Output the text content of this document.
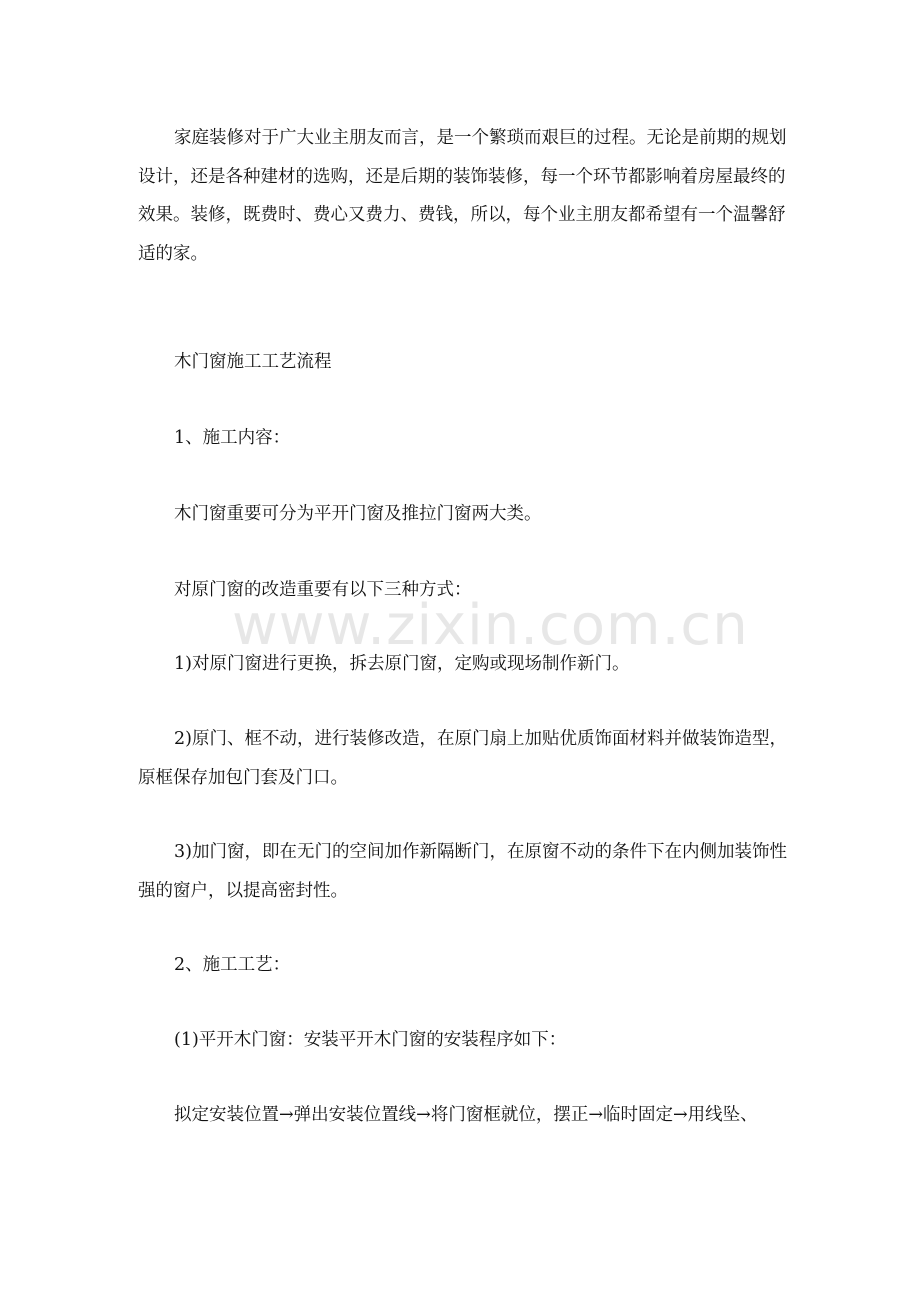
www.zixin.com.cn

家庭装修对于广大业主朋友而言，是一个繁琐而艰巨的过程。无论是前期的规划设计，还是各种建材的选购，还是后期的装饰装修，每一个环节都影响着房屋最终的效果。装修，既费时、费心又费力、费钱，所以，每个业主朋友都希望有一个温馨舒适的家。

木门窗施工工艺流程

1、施工内容：

木门窗重要可分为平开门窗及推拉门窗两大类。

对原门窗的改造重要有以下三种方式：

1)对原门窗进行更换，拆去原门窗，定购或现场制作新门。

2)原门、框不动，进行装修改造，在原门扇上加贴优质饰面材料并做装饰造型，原框保存加包门套及门口。

3)加门窗，即在无门的空间加作新隔断门，在原窗不动的条件下在内侧加装饰性强的窗户，以提高密封性。

2、施工工艺：

(1)平开木门窗：安装平开木门窗的安装程序如下：

拟定安装位置→弹出安装位置线→将门窗框就位，摆正→临时固定→用线坠、
